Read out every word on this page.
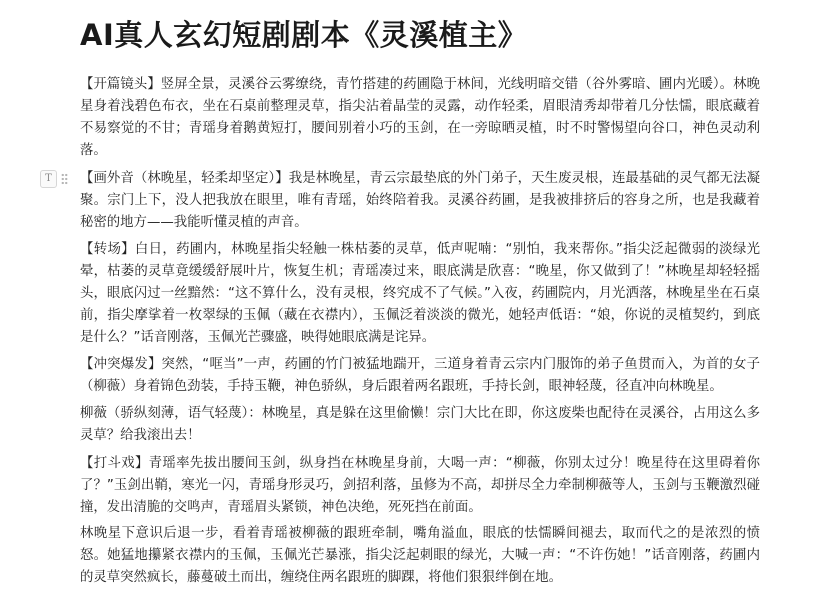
AI真人玄幻短剧剧本《灵溪植主》
T

【开篇镜头】竖屏全景，灵溪谷云雾缭绕，青竹搭建的药圃隐于林间，光线明暗交错（谷外雾暗、圃内光暖）。林晚星身着浅碧色布衣，坐在石桌前整理灵草，指尖沾着晶莹的灵露，动作轻柔，眉眼清秀却带着几分怯懦，眼底藏着不易察觉的不甘；青瑶身着鹅黄短打，腰间别着小巧的玉剑，在一旁晾晒灵植，时不时警惕望向谷口，神色灵动利落。

【画外音（林晚星，轻柔却坚定）】我是林晚星，青云宗最垫底的外门弟子，天生废灵根，连最基础的灵气都无法凝聚。宗门上下，没人把我放在眼里，唯有青瑶，始终陪着我。灵溪谷药圃，是我被排挤后的容身之所，也是我藏着秘密的地方——我能听懂灵植的声音。

【转场】白日，药圃内，林晚星指尖轻触一株枯萎的灵草，低声呢喃：“别怕，我来帮你。”指尖泛起微弱的淡绿光晕，枯萎的灵草竟缓缓舒展叶片，恢复生机；青瑶凑过来，眼底满是欣喜：“晚星，你又做到了！”林晚星却轻轻摇头，眼底闪过一丝黯然：“这不算什么，没有灵根，终究成不了气候。”入夜，药圃院内，月光洒落，林晚星坐在石桌前，指尖摩挲着一枚翠绿的玉佩（藏在衣襟内），玉佩泛着淡淡的微光，她轻声低语：“娘，你说的灵植契约，到底是什么？”话音刚落，玉佩光芒骤盛，映得她眼底满是诧异。

【冲突爆发】突然，“哐当”一声，药圃的竹门被猛地踹开，三道身着青云宗内门服饰的弟子鱼贯而入，为首的女子（柳薇）身着锦色劲装，手持玉鞭，神色骄纵，身后跟着两名跟班，手持长剑，眼神轻蔑，径直冲向林晚星。

柳薇（骄纵刻薄，语气轻蔑）：林晚星，真是躲在这里偷懒！宗门大比在即，你这废柴也配待在灵溪谷，占用这么多灵草？给我滚出去！

【打斗戏】青瑶率先拔出腰间玉剑，纵身挡在林晚星身前，大喝一声：“柳薇，你别太过分！晚星待在这里碍着你了？”玉剑出鞘，寒光一闪，青瑶身形灵巧，剑招利落，虽修为不高，却拼尽全力牵制柳薇等人，玉剑与玉鞭激烈碰撞，发出清脆的交鸣声，青瑶眉头紧锁，神色决绝，死死挡在前面。

林晚星下意识后退一步，看着青瑶被柳薇的跟班牵制，嘴角溢血，眼底的怯懦瞬间褪去，取而代之的是浓烈的愤怒。她猛地攥紧衣襟内的玉佩，玉佩光芒暴涨，指尖泛起刺眼的绿光，大喊一声：“不许伤她！”话音刚落，药圃内的灵草突然疯长，藤蔓破土而出，缠绕住两名跟班的脚踝，将他们狠狠绊倒在地。
